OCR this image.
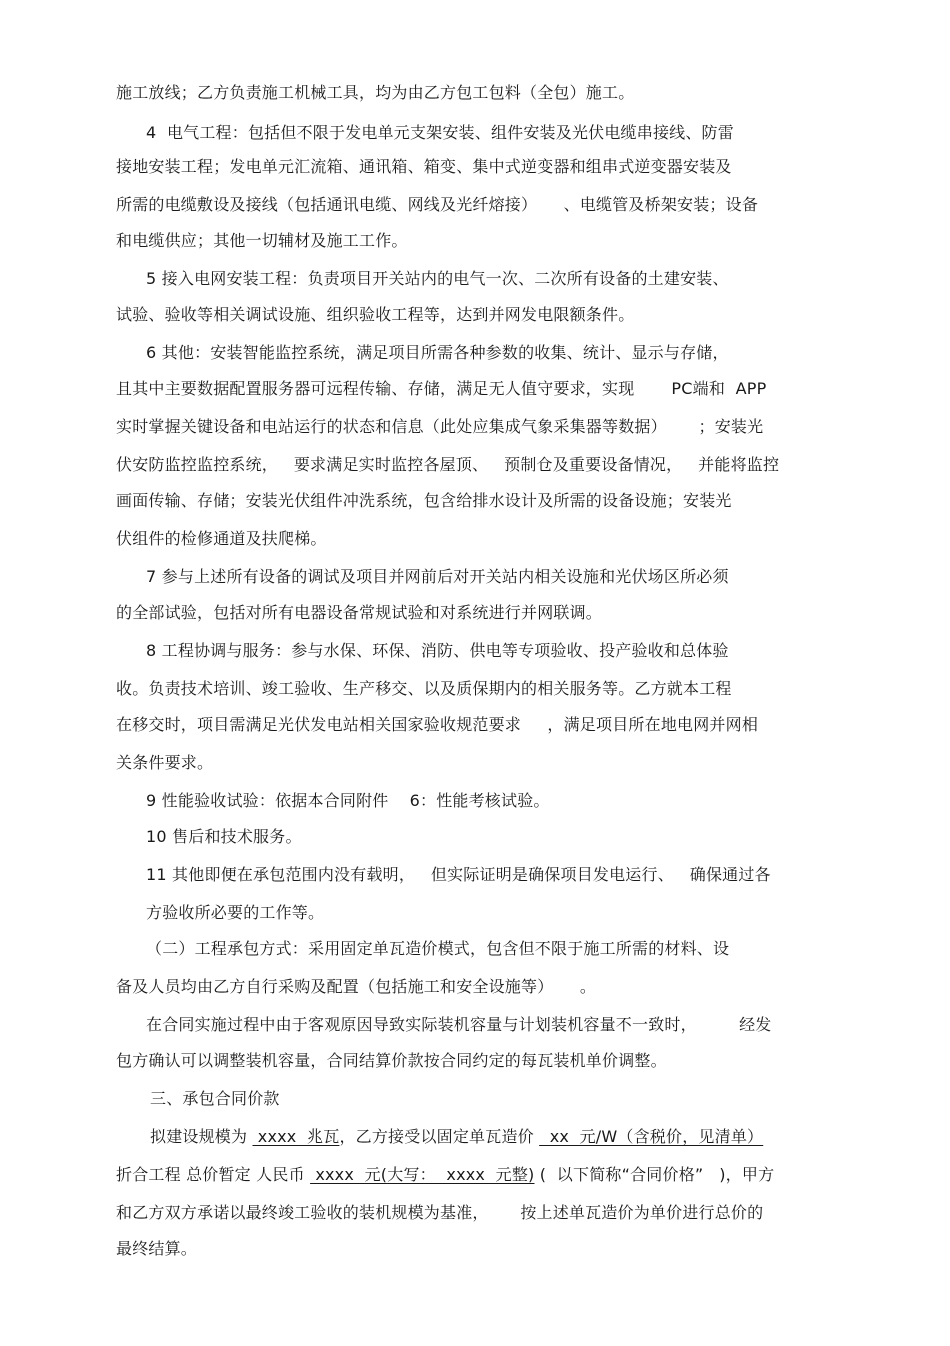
施工放线；乙方负责施工机械工具，均为由乙方包工包料（全包）施工。
4  电气工程：包括但不限于发电单元支架安装、组件安装及光伏电缆串接线、防雷
接地安装工程；发电单元汇流箱、通讯箱、箱变、集中式逆变器和组串式逆变器安装及
所需的电缆敷设及接线（包括通讯电缆、网线及光纤熔接）     、电缆管及桥架安装；设备
和电缆供应；其他一切辅材及施工工作。
5 接入电网安装工程：负责项目开关站内的电气一次、二次所有设备的土建安装、
试验、验收等相关调试设施、组织验收工程等，达到并网发电限额条件。
6 其他：安装智能监控系统，满足项目所需各种参数的收集、统计、显示与存储，
且其中主要数据配置服务器可远程传输、存储，满足无人值守要求，实现       PC端和  APP
实时掌握关键设备和电站运行的状态和信息（此处应集成气象采集器等数据）      ；安装光
伏安防监控监控系统，   要求满足实时监控各屋顶、   预制仓及重要设备情况，   并能将监控
画面传输、存储；安装光伏组件冲洗系统，包含给排水设计及所需的设备设施；安装光
伏组件的检修通道及扶爬梯。
7 参与上述所有设备的调试及项目并网前后对开关站内相关设施和光伏场区所必须
的全部试验，包括对所有电器设备常规试验和对系统进行并网联调。
8 工程协调与服务：参与水保、环保、消防、供电等专项验收、投产验收和总体验
收。负责技术培训、竣工验收、生产移交、以及质保期内的相关服务等。乙方就本工程
在移交时，项目需满足光伏发电站相关国家验收规范要求     ，满足项目所在地电网并网相
关条件要求。
9 性能验收试验：依据本合同附件    6：性能考核试验。
10 售后和技术服务。
11 其他即便在承包范围内没有载明，   但实际证明是确保项目发电运行、   确保通过各
方验收所必要的工作等。
（二）工程承包方式：采用固定单瓦造价模式，包含但不限于施工所需的材料、设
备及人员均由乙方自行采购及配置（包括施工和安全设施等）     。
在合同实施过程中由于客观原因导致实际装机容量与计划装机容量不一致时，        经发
包方确认可以调整装机容量，合同结算价款按合同约定的每瓦装机单价调整。
三、承包合同价款
拟建设规模为  xxxx  兆瓦，乙方接受以固定单瓦造价   xx  元/W（含税价，见清单）
折合工程 总价暂定 人民币  xxxx  元(大写：  xxxx  元整) (  以下简称“合同价格”   )，甲方
和乙方双方承诺以最终竣工验收的装机规模为基准，      按上述单瓦造价为单价进行总价的
最终结算。
